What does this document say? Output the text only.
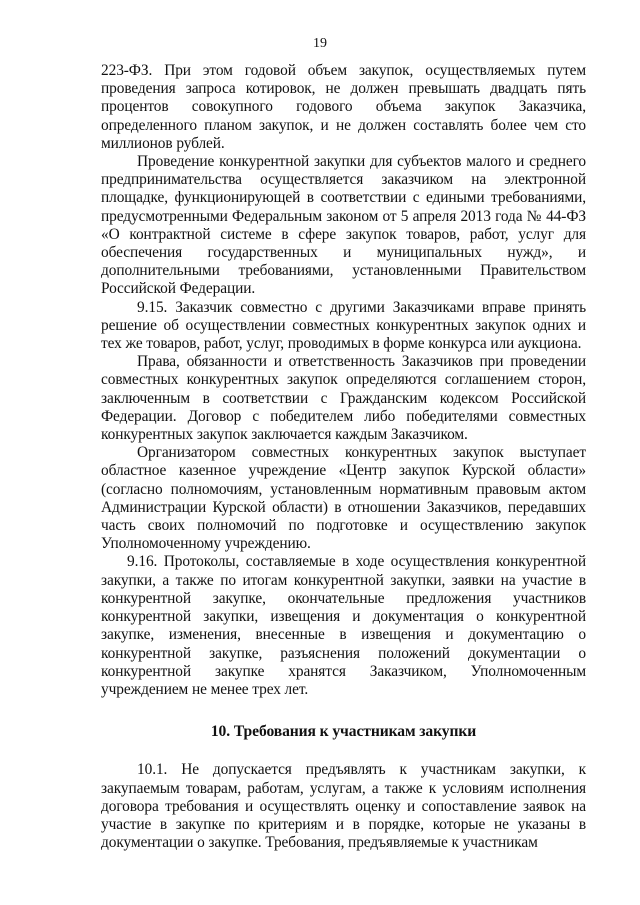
19

223-ФЗ. При этом годовой объем закупок, осуществляемых путем проведения запроса котировок, не должен превышать двадцать пять процентов совокупного годового объема закупок Заказчика, определенного планом закупок, и не должен составлять более чем сто миллионов рублей.

Проведение конкурентной закупки для субъектов малого и среднего предпринимательства осуществляется заказчиком на электронной площадке, функционирующей в соответствии с едиными требованиями, предусмотренными Федеральным законом от 5 апреля 2013 года № 44-ФЗ «О контрактной системе в сфере закупок товаров, работ, услуг для обеспечения государственных и муниципальных нужд», и дополнительными требованиями, установленными Правительством Российской Федерации.

9.15. Заказчик совместно с другими Заказчиками вправе принять решение об осуществлении совместных конкурентных закупок одних и тех же товаров, работ, услуг, проводимых в форме конкурса или аукциона.

Права, обязанности и ответственность Заказчиков при проведении совместных конкурентных закупок определяются соглашением сторон, заключенным в соответствии с Гражданским кодексом Российской Федерации. Договор с победителем либо победителями совместных конкурентных закупок заключается каждым Заказчиком.

Организатором совместных конкурентных закупок выступает областное казенное учреждение «Центр закупок Курской области» (согласно полномочиям, установленным нормативным правовым актом Администрации Курской области) в отношении Заказчиков, передавших часть своих полномочий по подготовке и осуществлению закупок Уполномоченному учреждению.

9.16. Протоколы, составляемые в ходе осуществления конкурентной закупки, а также по итогам конкурентной закупки, заявки на участие в конкурентной закупке, окончательные предложения участников конкурентной закупки, извещения и документация о конкурентной закупке, изменения, внесенные в извещения и документацию о конкурентной закупке, разъяснения положений документации о конкурентной закупке хранятся Заказчиком, Уполномоченным учреждением не менее трех лет.

10. Требования к участникам закупки

10.1. Не допускается предъявлять к участникам закупки, к закупаемым товарам, работам, услугам, а также к условиям исполнения договора требования и осуществлять оценку и сопоставление заявок на участие в закупке по критериям и в порядке, которые не указаны в документации о закупке. Требования, предъявляемые к участникам
